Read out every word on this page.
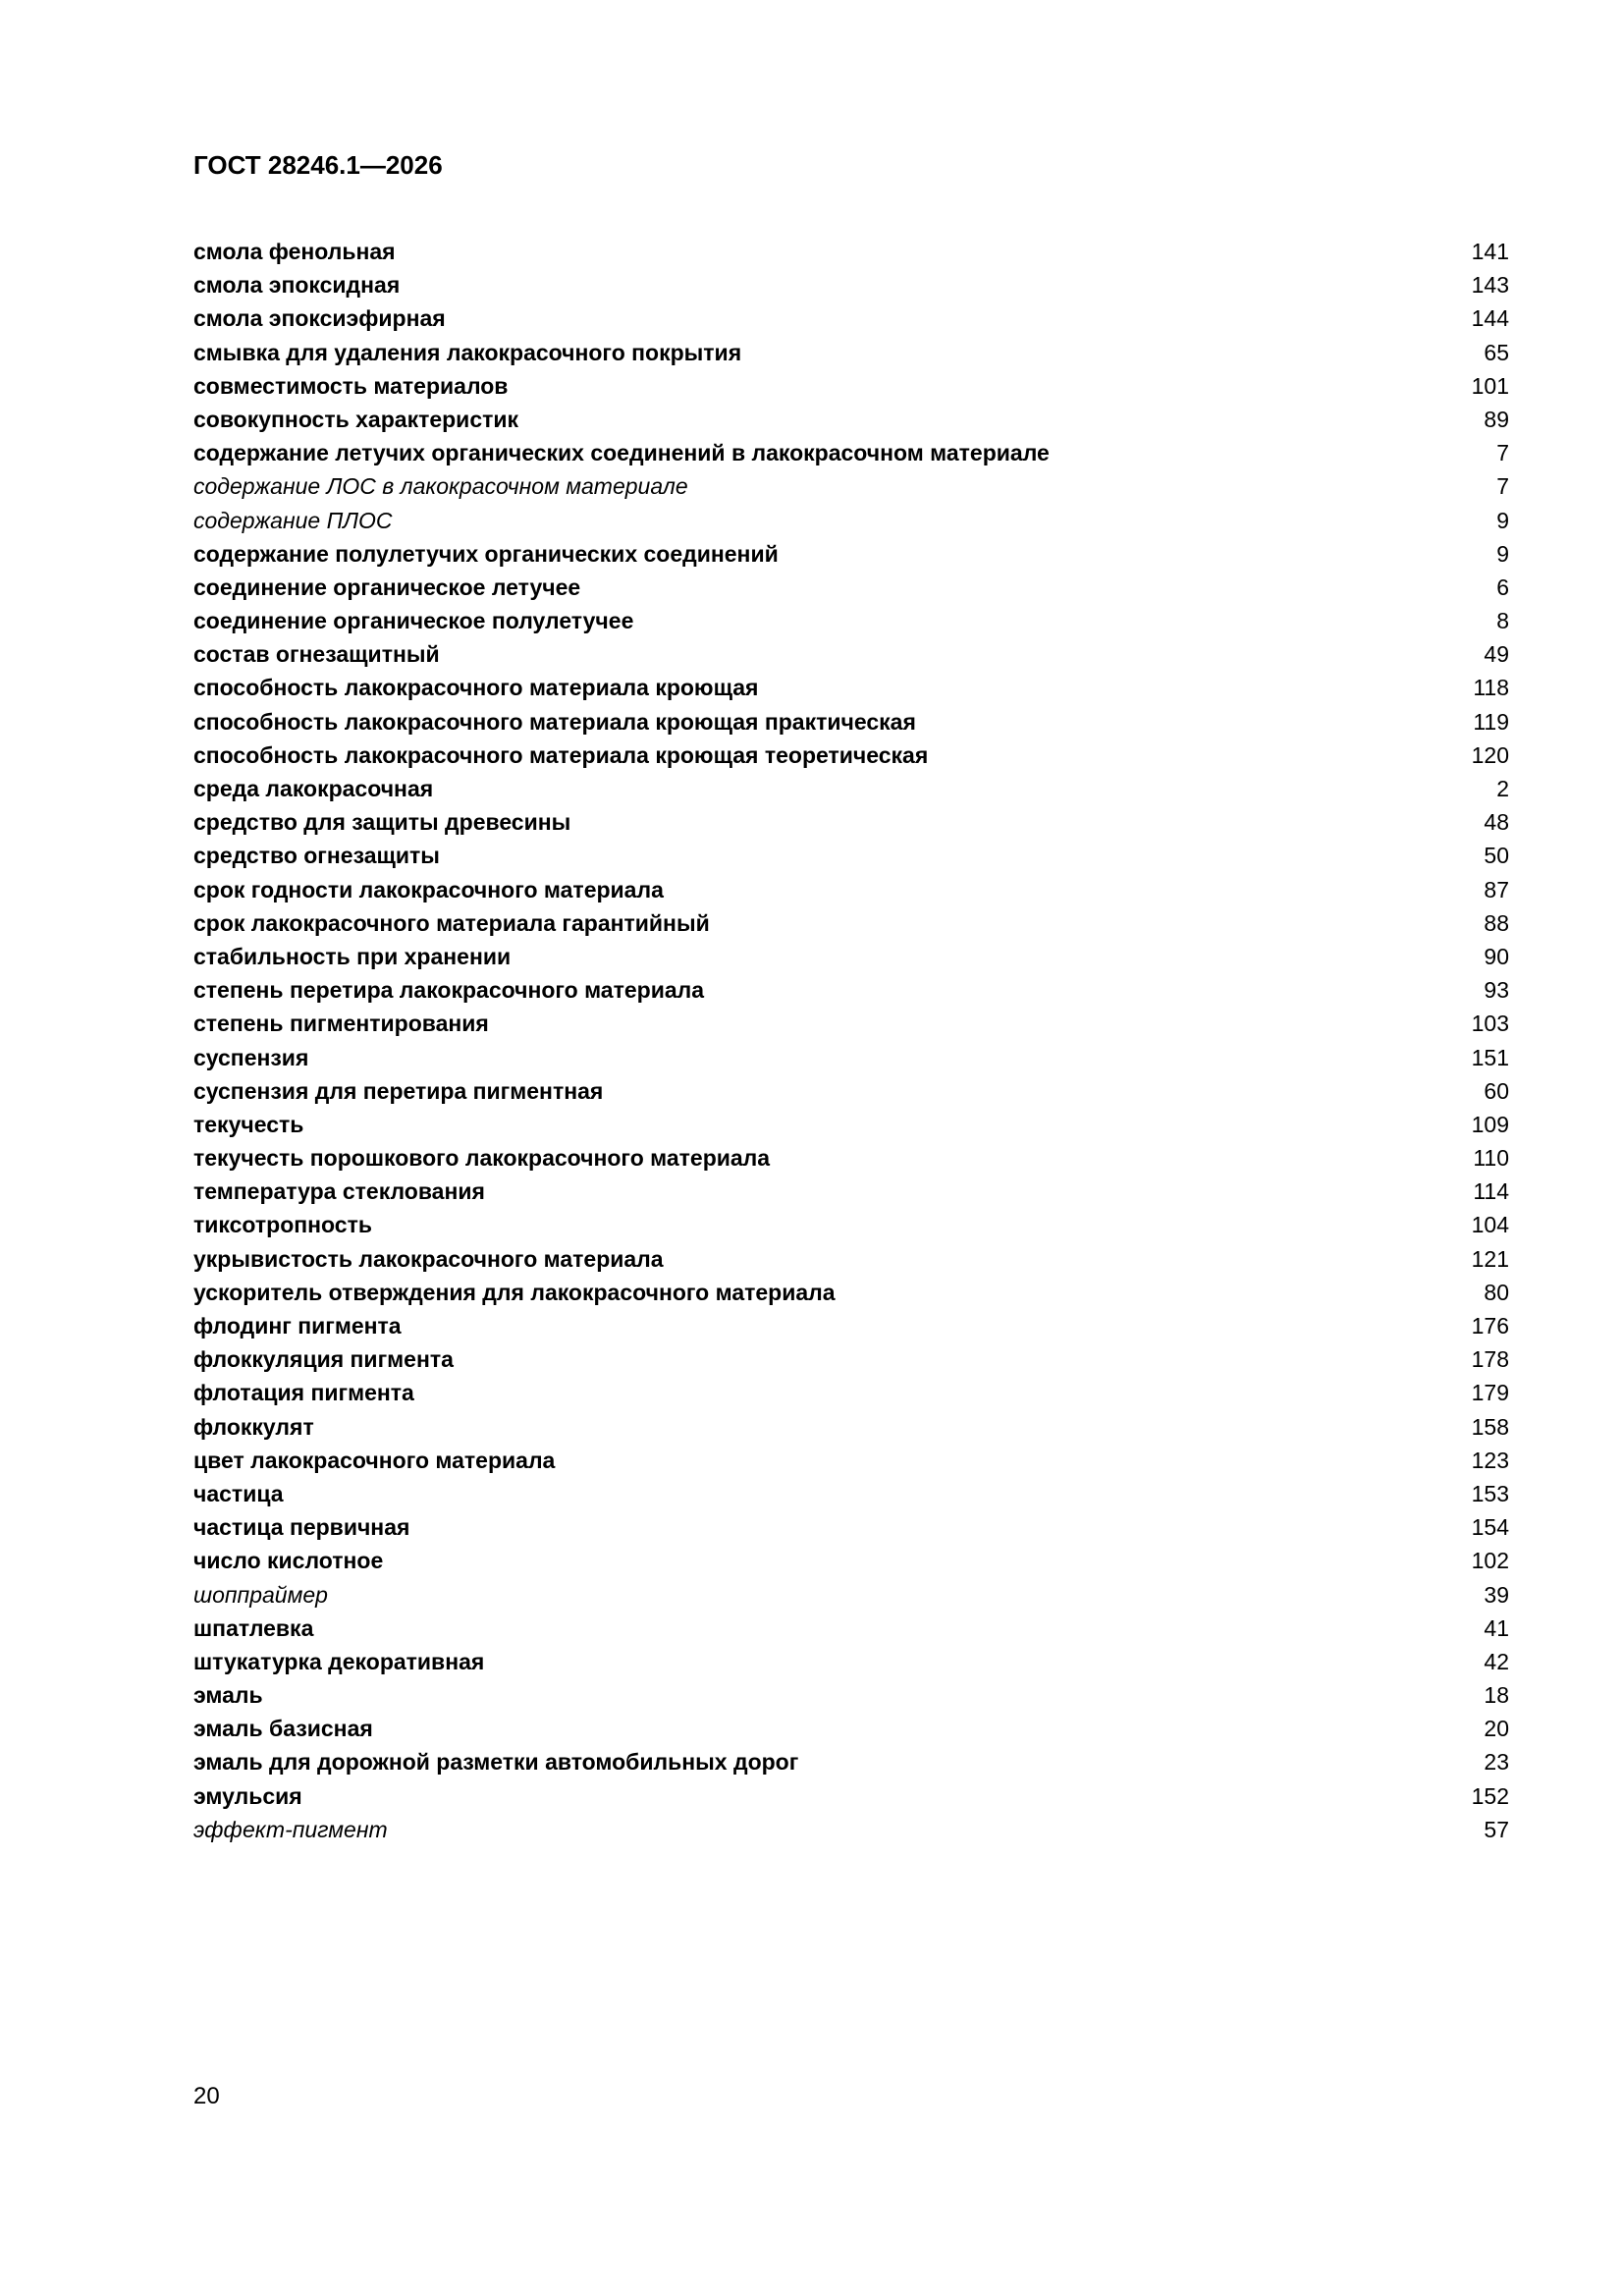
ГОСТ 28246.1—2026
смола фенольная	141
смола эпоксидная	143
смола эпоксиэфирная	144
смывка для удаления лакокрасочного покрытия	65
совместимость материалов	101
совокупность характеристик	89
содержание летучих органических соединений в лакокрасочном материале	7
содержание ЛОС в лакокрасочном материале	7
содержание ПЛОС	9
содержание полулетучих органических соединений	9
соединение органическое летучее	6
соединение органическое полулетучее	8
состав огнезащитный	49
способность лакокрасочного материала кроющая	118
способность лакокрасочного материала кроющая практическая	119
способность лакокрасочного материала кроющая теоретическая	120
среда лакокрасочная	2
средство для защиты древесины	48
средство огнезащиты	50
срок годности лакокрасочного материала	87
срок лакокрасочного материала гарантийный	88
стабильность при хранении	90
степень перетира лакокрасочного материала	93
степень пигментирования	103
суспензия	151
суспензия для перетира пигментная	60
текучесть	109
текучесть порошкового лакокрасочного материала	110
температура стеклования	114
тиксотропность	104
укрывистость лакокрасочного материала	121
ускоритель отверждения для лакокрасочного материала	80
флодинг пигмента	176
флоккуляция пигмента	178
флотация пигмента	179
флоккулят	158
цвет лакокрасочного материала	123
частица	153
частица первичная	154
число кислотное	102
шоппраймер	39
шпатлевка	41
штукатурка декоративная	42
эмаль	18
эмаль базисная	20
эмаль для дорожной разметки автомобильных дорог	23
эмульсия	152
эффект-пигмент	57
20
